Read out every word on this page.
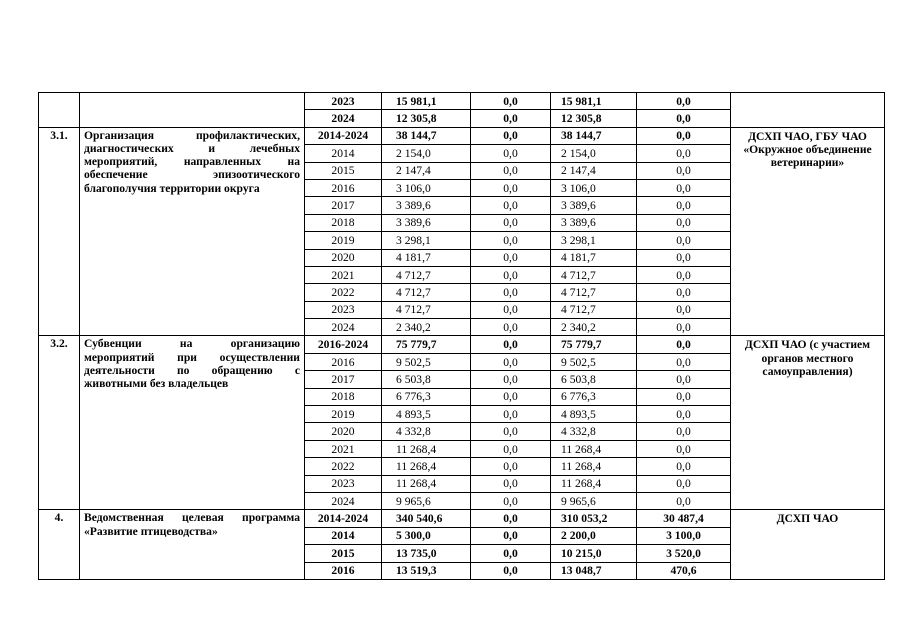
		2023	15 981,1	0,0	15 981,1	0,0	
		2024	12 305,8	0,0	12 305,8	0,0	
3.1.	Организация профилактических, диагностических и лечебных мероприятий, направленных на обеспечение эпизоотического благополучия территории округа	2014-2024	38 144,7	0,0	38 144,7	0,0	ДСХП ЧАО, ГБУ ЧАО «Окружное объединение ветеринарии»
		2014	2 154,0	0,0	2 154,0	0,0	
		2015	2 147,4	0,0	2 147,4	0,0	
		2016	3 106,0	0,0	3 106,0	0,0	
		2017	3 389,6	0,0	3 389,6	0,0	
		2018	3 389,6	0,0	3 389,6	0,0	
		2019	3 298,1	0,0	3 298,1	0,0	
		2020	4 181,7	0,0	4 181,7	0,0	
		2021	4 712,7	0,0	4 712,7	0,0	
		2022	4 712,7	0,0	4 712,7	0,0	
		2023	4 712,7	0,0	4 712,7	0,0	
		2024	2 340,2	0,0	2 340,2	0,0	
3.2.	Субвенции на организацию мероприятий при осуществлении деятельности по обращению с животными без владельцев	2016-2024	75 779,7	0,0	75 779,7	0,0	ДСХП ЧАО (с участием органов местного самоуправления)
		2016	9 502,5	0,0	9 502,5	0,0	
		2017	6 503,8	0,0	6 503,8	0,0	
		2018	6 776,3	0,0	6 776,3	0,0	
		2019	4 893,5	0,0	4 893,5	0,0	
		2020	4 332,8	0,0	4 332,8	0,0	
		2021	11 268,4	0,0	11 268,4	0,0	
		2022	11 268,4	0,0	11 268,4	0,0	
		2023	11 268,4	0,0	11 268,4	0,0	
		2024	9 965,6	0,0	9 965,6	0,0	
4.	Ведомственная целевая программа «Развитие птицеводства»	2014-2024	340 540,6	0,0	310 053,2	30 487,4	ДСХП ЧАО
		2014	5 300,0	0,0	2 200,0	3 100,0	
		2015	13 735,0	0,0	10 215,0	3 520,0	
		2016	13 519,3	0,0	13 048,7	470,6	
